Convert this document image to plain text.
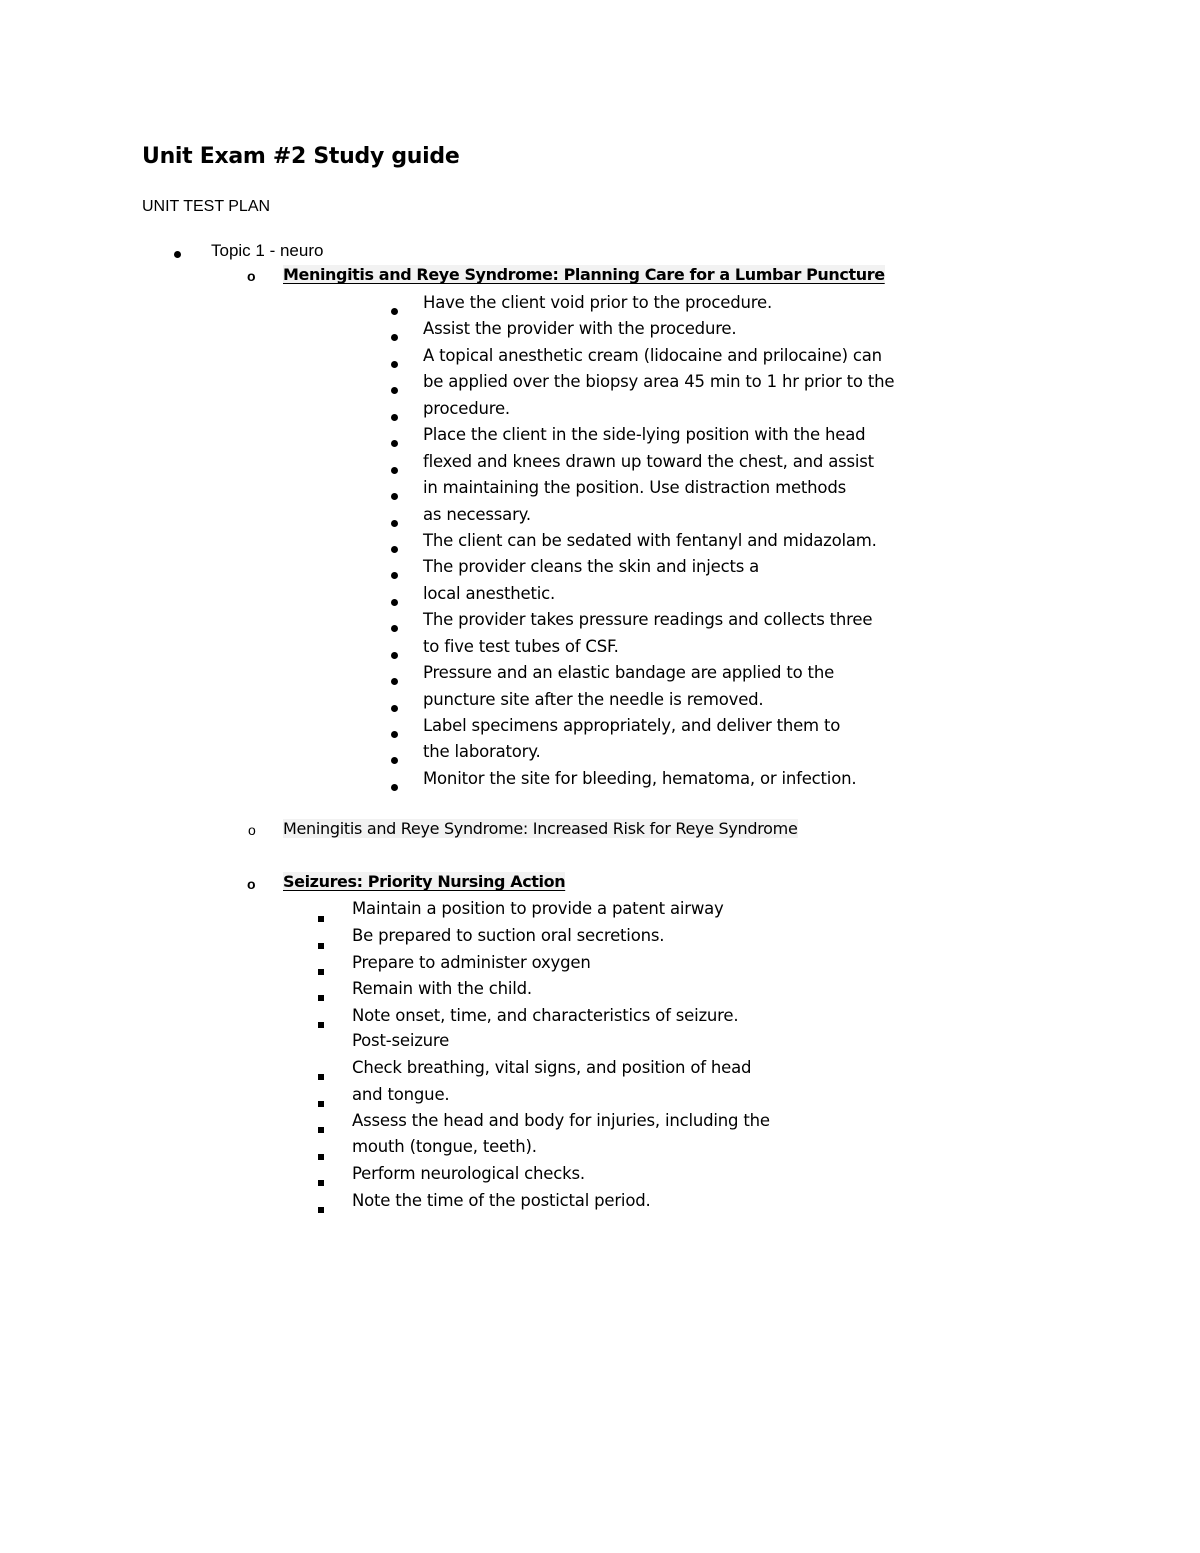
Unit Exam #2 Study guide
UNIT TEST PLAN
Topic 1 - neuro
o Meningitis and Reye Syndrome: Planning Care for a Lumbar Puncture
Have the client void prior to the procedure.
Assist the provider with the procedure.
A topical anesthetic cream (lidocaine and prilocaine) can
be applied over the biopsy area 45 min to 1 hr prior to the
procedure.
Place the client in the side-lying position with the head
flexed and knees drawn up toward the chest, and assist
in maintaining the position. Use distraction methods
as necessary.
The client can be sedated with fentanyl and midazolam.
The provider cleans the skin and injects a
local anesthetic.
The provider takes pressure readings and collects three
to five test tubes of CSF.
Pressure and an elastic bandage are applied to the
puncture site after the needle is removed.
Label specimens appropriately, and deliver them to
the laboratory.
Monitor the site for bleeding, hematoma, or infection.
o Meningitis and Reye Syndrome: Increased Risk for Reye Syndrome
o Seizures: Priority Nursing Action
Maintain a position to provide a patent airway
Be prepared to suction oral secretions.
Prepare to administer oxygen
Remain with the child.
Note onset, time, and characteristics of seizure.
Post-seizure
Check breathing, vital signs, and position of head
and tongue.
Assess the head and body for injuries, including the
mouth (tongue, teeth).
Perform neurological checks.
Note the time of the postictal period.
